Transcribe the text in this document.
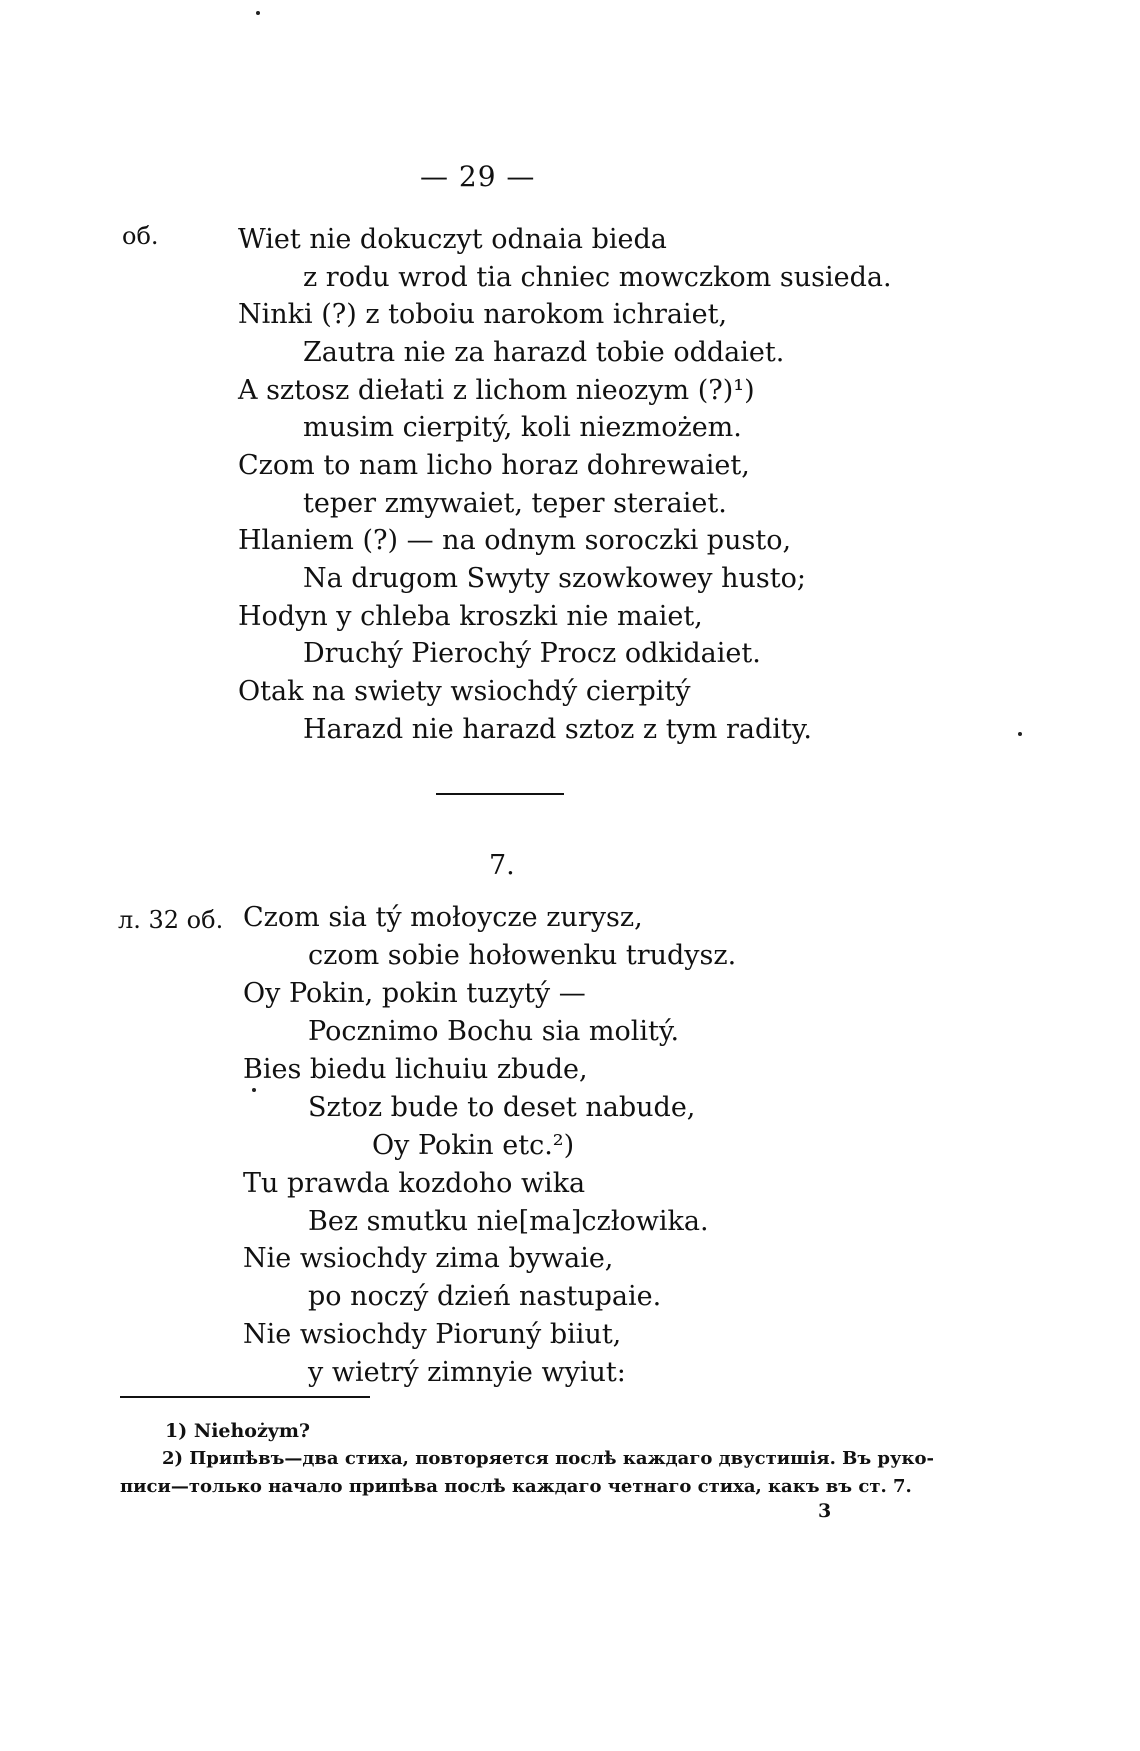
— 29 —
об.	Wiet nie dokuczyt odnaia bieda
z rodu wrod tia chniec mowczkom susieda.
Ninki (?) z toboiu narokom ichraiet,
Zautra nie za harazd tobie oddaiet.
A sztosz diełati z lichom nieozym (?)¹)
musim cierpitý, koli niezmożem.
Czom to nam licho horaz dohrewaiet,
teper zmywaiet, teper steraiet.
Hlaniem (?) — na odnym soroczki pusto,
Na drugom Swyty szowkowey husto;
Hodyn y chleba kroszki nie maiet,
Druchý Pierochý Procz odkidaiet.
Otak na swiety wsiochdý cierpitý
Harazd nie harazd sztoz z tym radity.
7.
л. 32 об. Czom sia tý mołoycze zurysz,
czom sobie hołowenku trudysz.
Oy Pokin, pokin tuzytý —
Pocznimo Bochu sia molitý.
Bies biedu lichuiu zbude,
Sztoz bude to deset nabude,
Oy Pokin etc.²)
Tu prawda kozdoho wika
Bez smutku nie[ma]człowika.
Nie wsiochdy zima bywaie,
po noczý dzień nastupaie.
Nie wsiochdy Pioruný biiut,
y wietrý zimnyie wyiut:
1) Niehożym?
2) Припѣвъ—два стиха, повторяется послѣ каждаго двустишія. Въ руко-
писи—только начало припѣва послѣ каждаго четнаго стиха, какъ въ ст. 7.
3
